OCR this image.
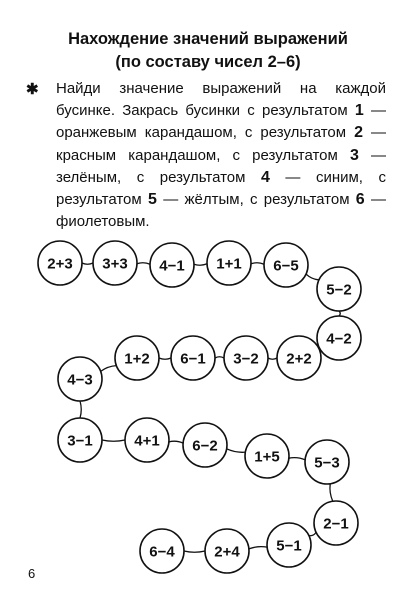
Нахождение значений выражений
(по составу чисел 2–6)
✱ Найди значение выражений на каждой бусинке. Закрась бусинки с результатом 1 — оранжевым карандашом, с результатом 2 — красным карандашом, с результатом 3 — зелёным, с результатом 4 — синим, с результатом 5 — жёлтым, с результатом 6 — фиолетовым.
2+3 3+3 4−1 1+1 6−5
5−2
4−2
2+2
3−2
6−1
1+2
4−3
3−1	4+1 6−2
1+5 5−3
2−1
5−1
2+4
6−4
6
